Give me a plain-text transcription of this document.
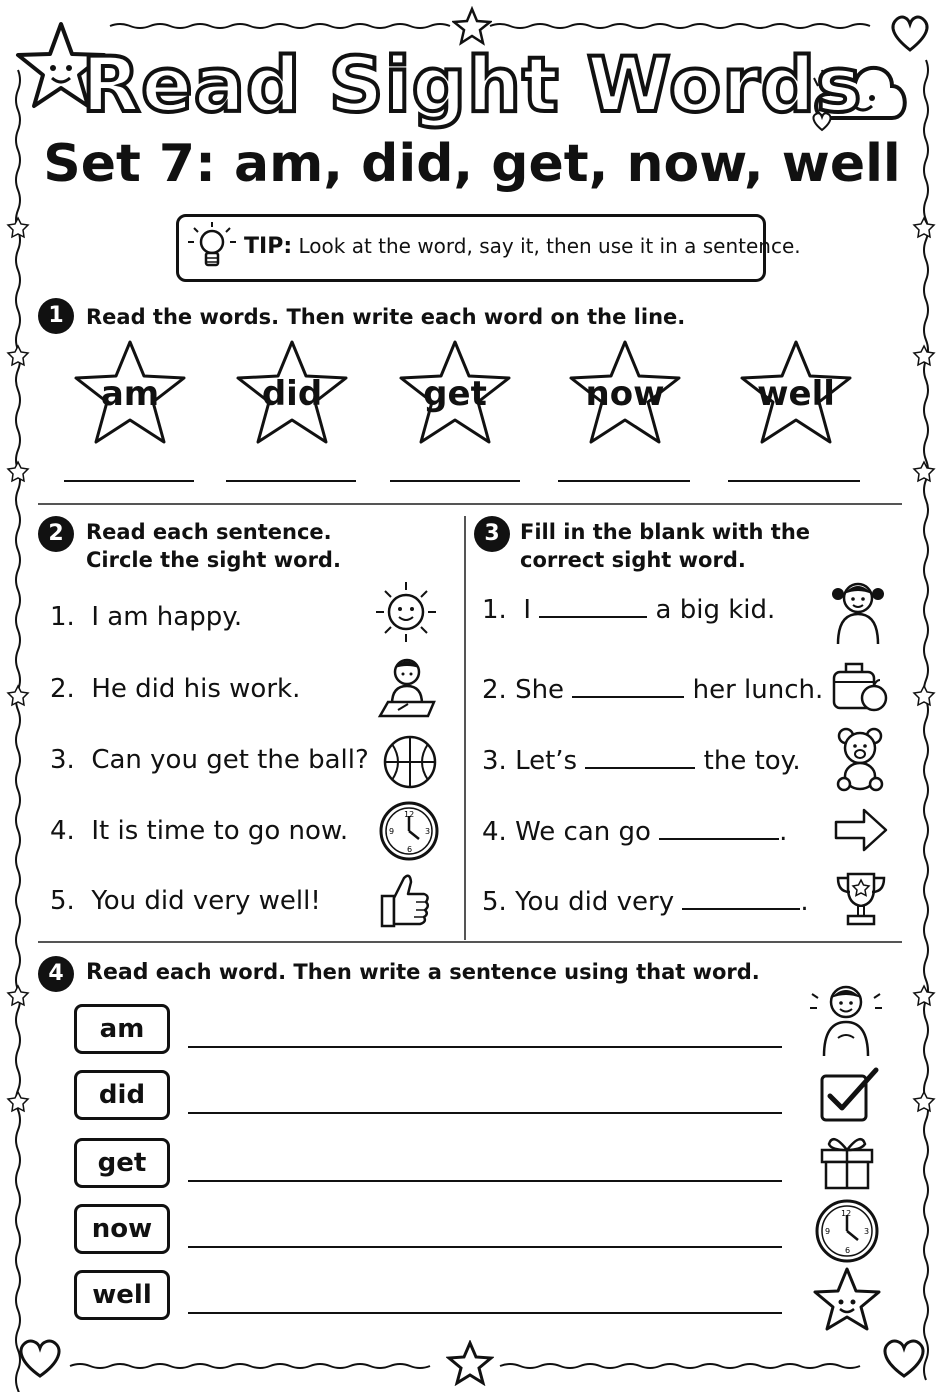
Read Sight Words
Set 7: am, did, get, now, well
TIP: Look at the word, say it, then use it in a sentence.
1	Read the words. Then write each word on the line.
am	did	get	now	well
2	Read each sentence.
Circle the sight word.
1. I am happy.
2. He did his work.
3. Can you get the ball?
4. It is time to go now.
5. You did very well!
12
3
6
9
3 Fill in the blank with the
correct sight word.
1. I	a big kid.
2. She	her lunch.
3. Let’s	the toy.
4. We can go	.
5. You did very	.
4	Read each word. Then write a sentence using that word.
am
did
get
now
well
12
3
6
9
